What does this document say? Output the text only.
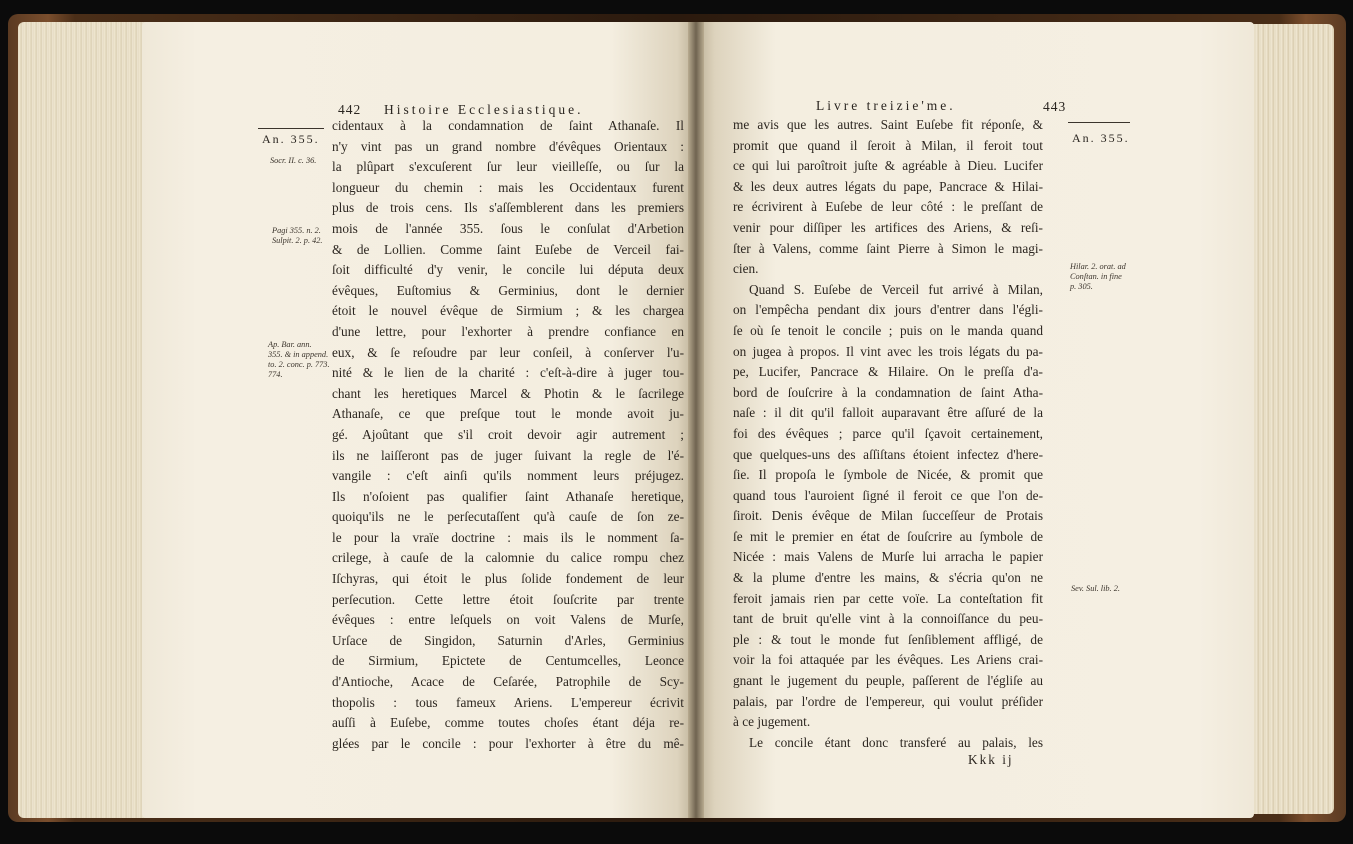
442 Histoire Ecclesiastique.
An. 355.
Socr. II. c. 36.
Pagi 355. n. 2.
Sulpit. 2. p. 42.
Ap. Bar. ann.
355. & in append.
to. 2. conc. p. 773.
774.
cidentaux à la condamnation de ſaint Athanaſe. Il
n'y vint pas un grand nombre d'évêques Orientaux :
la plûpart s'excuſerent ſur leur vieilleſſe, ou ſur la
longueur du chemin : mais les Occidentaux furent
plus de trois cens. Ils s'aſſemblerent dans les premiers
mois de l'année 355. ſous le conſulat d'Arbetion
& de Lollien. Comme ſaint Euſebe de Verceil fai-
ſoit difficulté d'y venir, le concile lui députa deux
évêques, Euſtomius & Germinius, dont le dernier
étoit le nouvel évêque de Sirmium ; & les chargea
d'une lettre, pour l'exhorter à prendre confiance en
eux, & ſe reſoudre par leur conſeil, à conſerver l'u-
nité & le lien de la charité : c'eſt-à-dire à juger tou-
chant les heretiques Marcel & Photin & le ſacrilege
Athanaſe, ce que preſque tout le monde avoit ju-
gé. Ajoûtant que s'il croit devoir agir autrement ;
ils ne laiſſeront pas de juger ſuivant la regle de l'é-
vangile : c'eſt ainſi qu'ils nomment leurs préjugez.
Ils n'oſoient pas qualifier ſaint Athanaſe heretique,
quoiqu'ils ne le perſecutaſſent qu'à cauſe de ſon ze-
le pour la vraïe doctrine : mais ils le nomment ſa-
crilege, à cauſe de la calomnie du calice rompu chez
Iſchyras, qui étoit le plus ſolide fondement de leur
perſecution. Cette lettre étoit ſouſcrite par trente
évêques : entre leſquels on voit Valens de Murſe,
Urſace de Singidon, Saturnin d'Arles, Germinius
de Sirmium, Epictete de Centumcelles, Leonce
d'Antioche, Acace de Ceſarée, Patrophile de Scy-
thopolis : tous fameux Ariens. L'empereur écrivit
auſſi à Euſebe, comme toutes choſes étant déja re-
glées par le concile : pour l'exhorter à être du mê-
Livre treizie'me.	443
An. 355.
me avis que les autres. Saint Euſebe fit réponſe, &
promit que quand il ſeroit à Milan, il feroit tout
ce qui lui paroîtroit juſte & agréable à Dieu. Lucifer
& les deux autres légats du pape, Pancrace & Hilai-
re écrivirent à Euſebe de leur côté : le preſſant de
venir pour diſſiper les artifices des Ariens, & reſi-
ſter à Valens, comme ſaint Pierre à Simon le magi-
cien.
Quand S. Euſebe de Verceil fut arrivé à Milan,
on l'empêcha pendant dix jours d'entrer dans l'égli-
ſe où ſe tenoit le concile ; puis on le manda quand
on jugea à propos. Il vint avec les trois légats du pa-
pe, Lucifer, Pancrace & Hilaire. On le preſſa d'a-
bord de ſouſcrire à la condamnation de ſaint Atha-
naſe : il dit qu'il falloit auparavant être aſſuré de la
foi des évêques ; parce qu'il ſçavoit certainement,
que quelques-uns des aſſiſtans étoient infectez d'here-
ſie. Il propoſa le ſymbole de Nicée, & promit que
quand tous l'auroient ſigné il feroit ce que l'on de-
ſiroit. Denis évêque de Milan ſucceſſeur de Protais
ſe mit le premier en état de ſouſcrire au ſymbole de
Nicée : mais Valens de Murſe lui arracha le papier
& la plume d'entre les mains, & s'écria qu'on ne
feroit jamais rien par cette voïe. La conteſtation fit
tant de bruit qu'elle vint à la connoiſſance du peu-
ple : & tout le monde fut ſenſiblement affligé, de
voir la foi attaquée par les évêques. Les Ariens crai-
gnant le jugement du peuple, paſſerent de l'égliſe au
palais, par l'ordre de l'empereur, qui voulut préſider
à ce jugement.
Le concile étant donc transferé au palais, les
Kkk ij
Hilar. 2. orat. ad
Conſtan. in fine
p. 305.
Sev. Sul. lib. 2.
